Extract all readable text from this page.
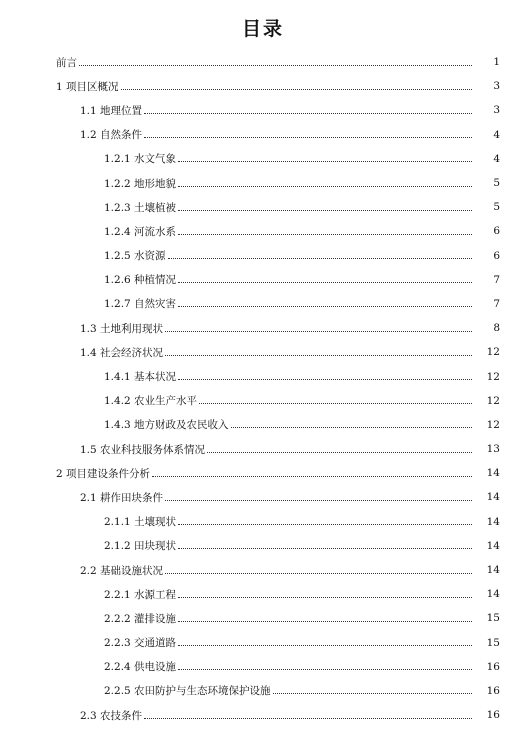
目录
前言	1
1 项目区概况	3
1.1 地理位置	3
1.2 自然条件	4
1.2.1 水文气象	4
1.2.2 地形地貌	5
1.2.3 土壤植被	5
1.2.4 河流水系	6
1.2.5 水资源	6
1.2.6 种植情况	7
1.2.7 自然灾害	7
1.3 土地利用现状	8
1.4 社会经济状况	12
1.4.1 基本状况	12
1.4.2 农业生产水平	12
1.4.3 地方财政及农民收入	12
1.5 农业科技服务体系情况	13
2 项目建设条件分析	14
2.1 耕作田块条件	14
2.1.1 土壤现状	14
2.1.2 田块现状	14
2.2 基础设施状况	14
2.2.1 水源工程	14
2.2.2 灌排设施	15
2.2.3 交通道路	15
2.2.4 供电设施	16
2.2.5 农田防护与生态环境保护设施	16
2.3 农技条件	16
